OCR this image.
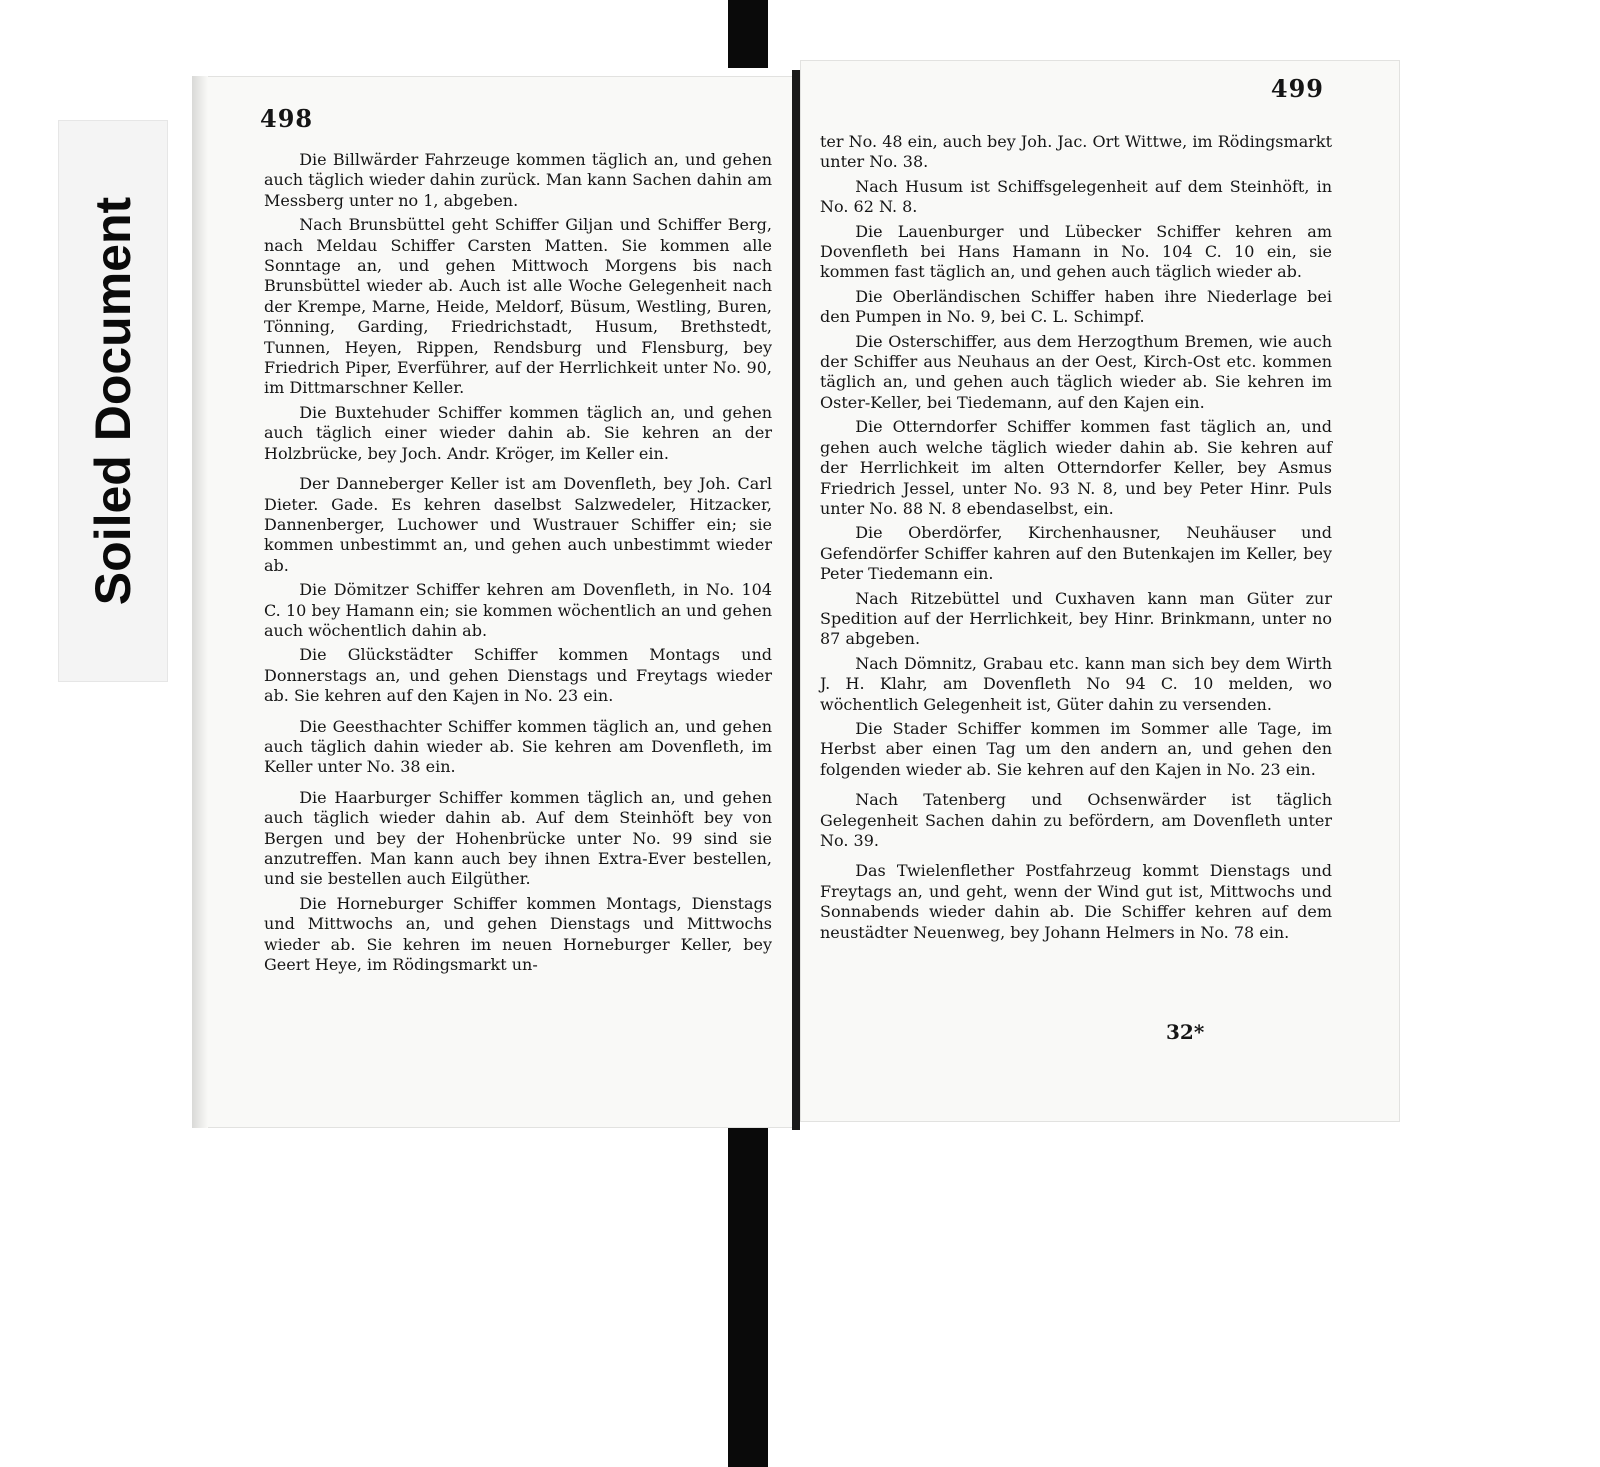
Soiled Document
498

Die Billwärder Fahrzeuge kommen täglich an, und gehen auch täglich wieder dahin zurück. Man kann Sachen dahin am Messberg unter no 1, abgeben.

Nach Brunsbüttel geht Schiffer Giljan und Schiffer Berg, nach Meldau Schiffer Carsten Matten. Sie kommen alle Sonntage an, und gehen Mittwoch Morgens bis nach Brunsbüttel wieder ab. Auch ist alle Woche Gelegenheit nach der Krempe, Marne, Heide, Meldorf, Büsum, Westling, Buren, Tönning, Garding, Friedrichstadt, Husum, Brethstedt, Tunnen, Heyen, Rippen, Rendsburg und Flensburg, bey Friedrich Piper, Everführer, auf der Herrlichkeit unter No. 90, im Dittmarschner Keller.

Die Buxtehuder Schiffer kommen täglich an, und gehen auch täglich einer wieder dahin ab. Sie kehren an der Holzbrücke, bey Joch. Andr. Kröger, im Keller ein.

Der Danneberger Keller ist am Dovenfleth, bey Joh. Carl Dieter. Gade. Es kehren daselbst Salzwedeler, Hitzacker, Dannenberger, Luchower und Wustrauer Schiffer ein; sie kommen unbestimmt an, und gehen auch unbestimmt wieder ab.

Die Dömitzer Schiffer kehren am Dovenfleth, in No. 104 C. 10 bey Hamann ein; sie kommen wöchentlich an und gehen auch wöchentlich dahin ab.

Die Glückstädter Schiffer kommen Montags und Donnerstags an, und gehen Dienstags und Freytags wieder ab. Sie kehren auf den Kajen in No. 23 ein.

Die Geesthachter Schiffer kommen täglich an, und gehen auch täglich dahin wieder ab. Sie kehren am Dovenfleth, im Keller unter No. 38 ein.

Die Haarburger Schiffer kommen täglich an, und gehen auch täglich wieder dahin ab. Auf dem Steinhöft bey von Bergen und bey der Hohenbrücke unter No. 99 sind sie anzutreffen. Man kann auch bey ihnen Extra-Ever bestellen, und sie bestellen auch Eilgüther.

Die Horneburger Schiffer kommen Montags, Dienstags und Mittwochs an, und gehen Dienstags und Mittwochs wieder ab. Sie kehren im neuen Horneburger Keller, bey Geert Heye, im Rödingsmarkt un-

499

ter No. 48 ein, auch bey Joh. Jac. Ort Wittwe, im Rödingsmarkt unter No. 38.

Nach Husum ist Schiffsgelegenheit auf dem Steinhöft, in No. 62 N. 8.

Die Lauenburger und Lübecker Schiffer kehren am Dovenfleth bei Hans Hamann in No. 104 C. 10 ein, sie kommen fast täglich an, und gehen auch täglich wieder ab.

Die Oberländischen Schiffer haben ihre Niederlage bei den Pumpen in No. 9, bei C. L. Schimpf.

Die Osterschiffer, aus dem Herzogthum Bremen, wie auch der Schiffer aus Neuhaus an der Oest, Kirch-Ost etc. kommen täglich an, und gehen auch täglich wieder ab. Sie kehren im Oster-Keller, bei Tiedemann, auf den Kajen ein.

Die Otterndorfer Schiffer kommen fast täglich an, und gehen auch welche täglich wieder dahin ab. Sie kehren auf der Herrlichkeit im alten Otterndorfer Keller, bey Asmus Friedrich Jessel, unter No. 93 N. 8, und bey Peter Hinr. Puls unter No. 88 N. 8 ebendaselbst, ein.

Die Oberdörfer, Kirchenhausner, Neuhäuser und Gefendörfer Schiffer kahren auf den Butenkajen im Keller, bey Peter Tiedemann ein.

Nach Ritzebüttel und Cuxhaven kann man Güter zur Spedition auf der Herrlichkeit, bey Hinr. Brinkmann, unter no 87 abgeben.

Nach Dömnitz, Grabau etc. kann man sich bey dem Wirth J. H. Klahr, am Dovenfleth No 94 C. 10 melden, wo wöchentlich Gelegenheit ist, Güter dahin zu versenden.

Die Stader Schiffer kommen im Sommer alle Tage, im Herbst aber einen Tag um den andern an, und gehen den folgenden wieder ab. Sie kehren auf den Kajen in No. 23 ein.

Nach Tatenberg und Ochsenwärder ist täglich Gelegenheit Sachen dahin zu befördern, am Dovenfleth unter No. 39.

Das Twielenflether Postfahrzeug kommt Dienstags und Freytags an, und geht, wenn der Wind gut ist, Mittwochs und Sonnabends wieder dahin ab. Die Schiffer kehren auf dem neustädter Neuenweg, bey Johann Helmers in No. 78 ein.

32*
